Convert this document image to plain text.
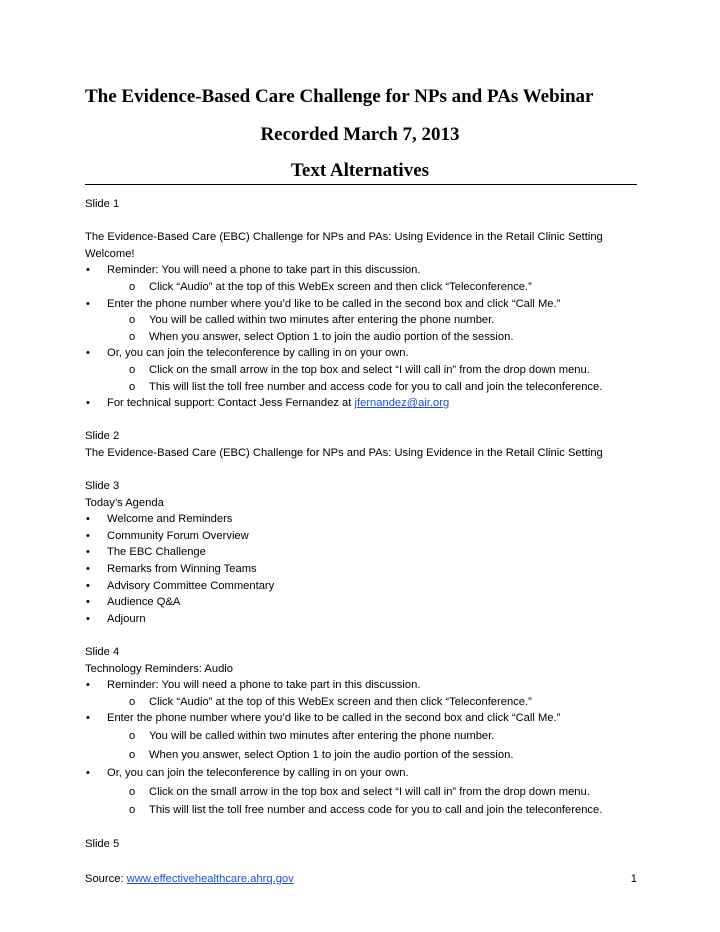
The Evidence-Based Care Challenge for NPs and PAs Webinar
Recorded March 7, 2013
Text Alternatives
Slide 1
The Evidence-Based Care (EBC) Challenge for NPs and PAs: Using Evidence in the Retail Clinic Setting
Welcome!
• Reminder: You will need a phone to take part in this discussion.
o Click “Audio” at the top of this WebEx screen and then click “Teleconference.”
• Enter the phone number where you’d like to be called in the second box and click “Call Me.”
o You will be called within two minutes after entering the phone number.
o When you answer, select Option 1 to join the audio portion of the session.
• Or, you can join the teleconference by calling in on your own.
o Click on the small arrow in the top box and select “I will call in” from the drop down menu.
o This will list the toll free number and access code for you to call and join the teleconference.
• For technical support: Contact Jess Fernandez at jfernandez@air.org
Slide 2
The Evidence-Based Care (EBC) Challenge for NPs and PAs: Using Evidence in the Retail Clinic Setting
Slide 3
Today’s Agenda
• Welcome and Reminders
• Community Forum Overview
• The EBC Challenge
• Remarks from Winning Teams
• Advisory Committee Commentary
• Audience Q&A
• Adjourn
Slide 4
Technology Reminders: Audio
• Reminder: You will need a phone to take part in this discussion.
o Click “Audio” at the top of this WebEx screen and then click “Teleconference.”
• Enter the phone number where you’d like to be called in the second box and click “Call Me.”
o You will be called within two minutes after entering the phone number.
o When you answer, select Option 1 to join the audio portion of the session.
• Or, you can join the teleconference by calling in on your own.
o Click on the small arrow in the top box and select “I will call in” from the drop down menu.
o This will list the toll free number and access code for you to call and join the teleconference.
Slide 5
Source: www.effectivehealthcare.ahrq.gov	1
